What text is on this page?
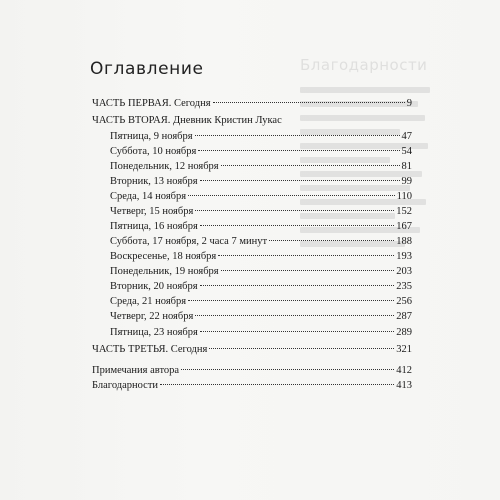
Благодарности
Оглавление
ЧАСТЬ ПЕРВАЯ. Сегодня	9
ЧАСТЬ ВТОРАЯ. Дневник Кристин Лукас
Пятница, 9 ноября	47
Суббота, 10 ноября	54
Понедельник, 12 ноября	81
Вторник, 13 ноября	99
Среда, 14 ноября	110
Четверг, 15 ноября	152
Пятница, 16 ноября	167
Суббота, 17 ноября, 2 часа 7 минут	188
Воскресенье, 18 ноября	193
Понедельник, 19 ноября	203
Вторник, 20 ноября	235
Среда, 21 ноября	256
Четверг, 22 ноября	287
Пятница, 23 ноября	289
ЧАСТЬ ТРЕТЬЯ. Сегодня	321
Примечания автора	412
Благодарности	413
